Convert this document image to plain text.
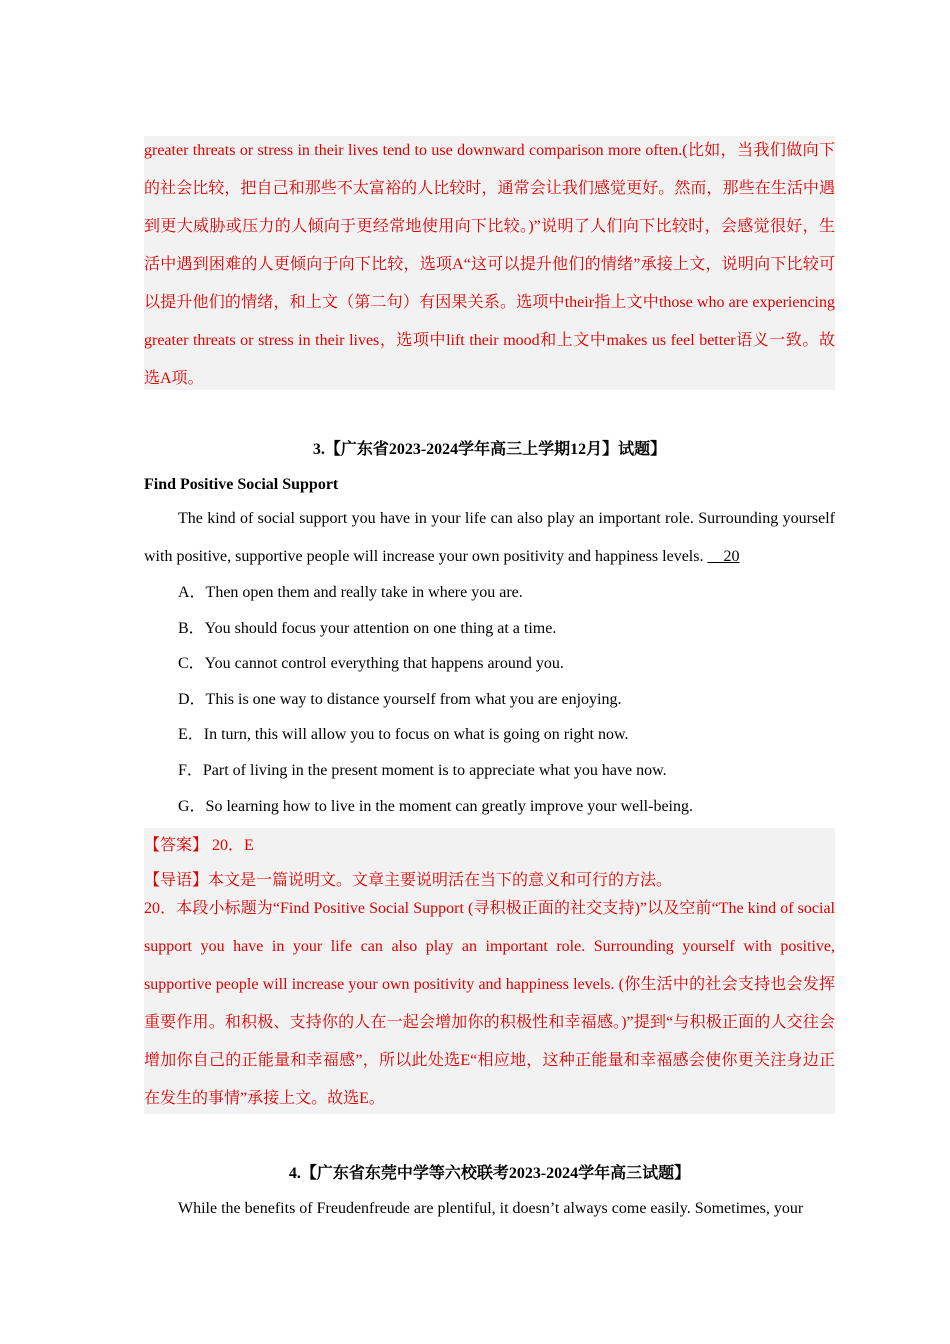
greater threats or stress in their lives tend to use downward comparison more often.(比如，当我们做向下的社会比较，把自己和那些不太富裕的人比较时，通常会让我们感觉更好。然而，那些在生活中遇到更大威胁或压力的人倾向于更经常地使用向下比较。)”说明了人们向下比较时，会感觉很好，生活中遇到困难的人更倾向于向下比较，选项A“这可以提升他们的情绪”承接上文，说明向下比较可以提升他们的情绪，和上文（第二句）有因果关系。选项中their指上文中those who are experiencing greater threats or stress in their lives，选项中lift their mood和上文中makes us feel better语义一致。故选A项。

3.【广东省2023-2024学年高三上学期12月】试题】

Find Positive Social Support

The kind of social support you have in your life can also play an important role. Surrounding yourself with positive, supportive people will increase your own positivity and happiness levels. __20

A．Then open them and really take in where you are.
B．You should focus your attention on one thing at a time.
C．You cannot control everything that happens around you.
D．This is one way to distance yourself from what you are enjoying.
E．In turn, this will allow you to focus on what is going on right now.
F．Part of living in the present moment is to appreciate what you have now.
G．So learning how to live in the moment can greatly improve your well-being.

【答案】 20．E

【导语】本文是一篇说明文。文章主要说明活在当下的意义和可行的方法。

20．本段小标题为“Find Positive Social Support (寻积极正面的社交支持)”以及空前“The kind of social support you have in your life can also play an important role. Surrounding yourself with positive, supportive people will increase your own positivity and happiness levels. (你生活中的社会支持也会发挥重要作用。和积极、支持你的人在一起会增加你的积极性和幸福感。)”提到“与积极正面的人交往会增加你自己的正能量和幸福感”，所以此处选E“相应地，这种正能量和幸福感会使你更关注身边正在发生的事情”承接上文。故选E。

4.【广东省东莞中学等六校联考2023-2024学年高三试题】

While the benefits of Freudenfreude are plentiful, it doesn’t always come easily. Sometimes, your
